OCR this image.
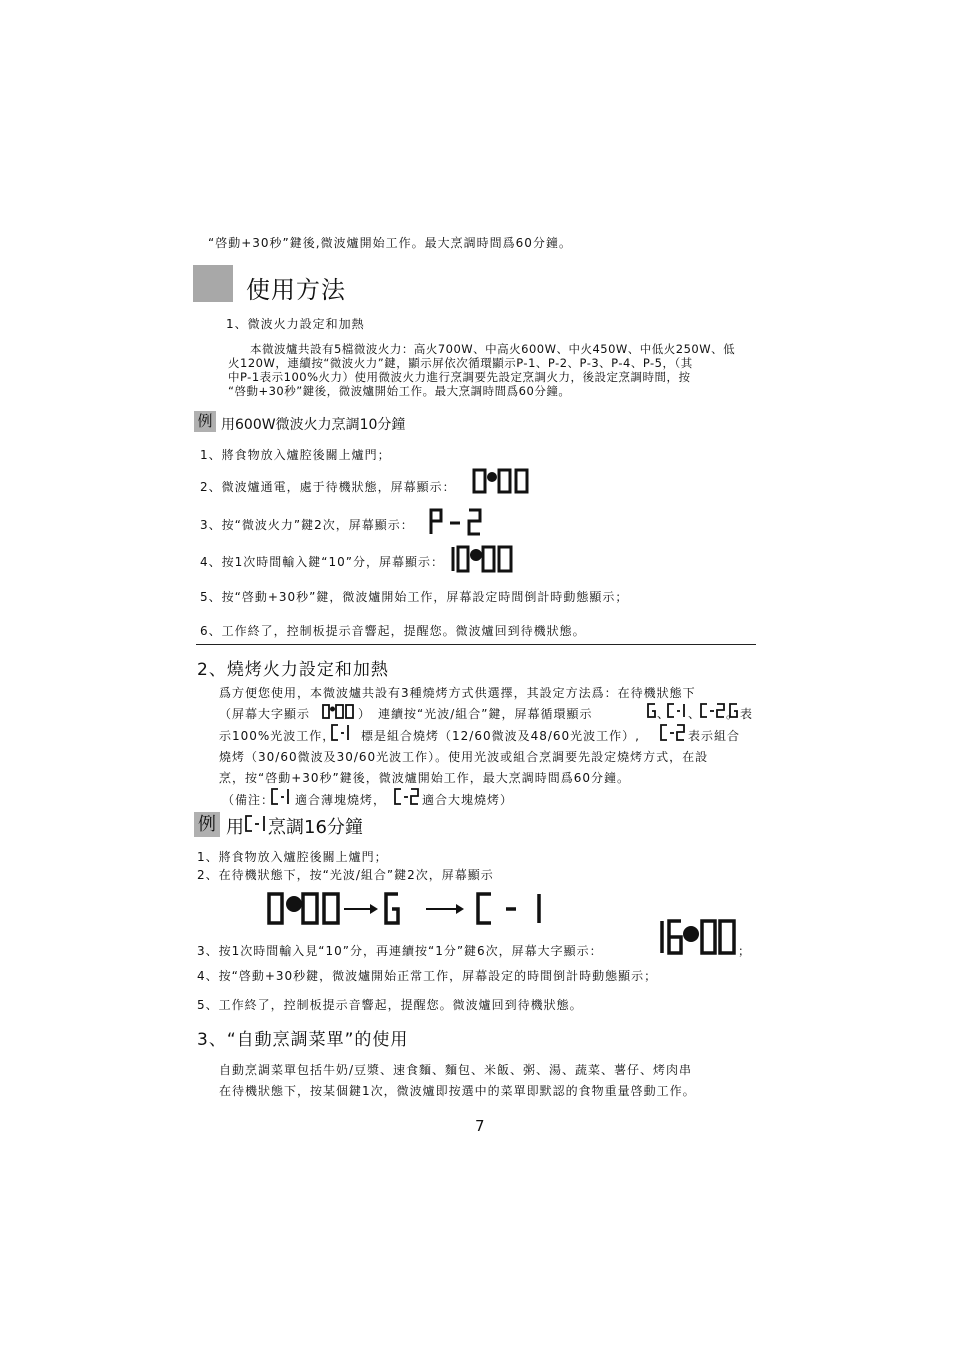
“啓動+30秒”鍵後,微波爐開始工作。最大烹調時間爲60分鐘。
使用方法
1、微波火力設定和加熱
本微波爐共設有5檔微波火力：高火700W、中高火600W、中火450W、中低火250W、低
火120W，連續按“微波火力”鍵，顯示屏依次循環顯示P-1、P-2、P-3、P-4、P-5，（其
中P-1表示100%火力）使用微波火力進行烹調要先設定烹調火力，後設定烹調時間，按
“啓動+30秒”鍵後，微波爐開始工作。最大烹調時間爲60分鐘。
例 用600W微波火力烹調10分鐘
1、將食物放入爐腔後關上爐門；
2、微波爐通電，處于待機狀態，屏幕顯示：
3、按“微波火力”鍵2次，屏幕顯示：
4、按1次時間輸入鍵“10”分，屏幕顯示：
5、按“啓動+30秒”鍵，微波爐開始工作，屏幕設定時間倒計時動態顯示；
6、工作終了，控制板提示音響起，提醒您。微波爐回到待機狀態。
2、燒烤火力設定和加熱
爲方便您使用，本微波爐共設有3種燒烤方式供選擇，其設定方法爲：在待機狀態下
（屏幕大字顯示	）　連續按“光波/組合”鍵，屏幕循環顯示	、 、 。 表
示100%光波工作， 標是組合燒烤（12/60微波及48/60光波工作）,	表示組合
燒烤（30/60微波及30/60光波工作）。使用光波或組合烹調要先設定燒烤方式，在設
烹，按“啓動+30秒”鍵後，微波爐開始工作，最大烹調時間爲60分鐘。
（備注： 適合薄塊燒烤，	適合大塊燒烤）
例 用 烹調16分鐘
1、將食物放入爐腔後關上爐門；
2、在待機狀態下，按“光波/組合”鍵2次，屏幕顯示
3、按1次時間輸入見“10”分，再連續按“1分”鍵6次，屏幕大字顯示：	；
4、按“啓動+30秒鍵，微波爐開始正常工作，屏幕設定的時間倒計時動態顯示；
5、工作終了，控制板提示音響起，提醒您。微波爐回到待機狀態。
3、“自動烹調菜單”的使用
自動烹調菜單包括牛奶/豆漿、速食麵、麵包、米飯、粥、湯、蔬菜、薯仔、烤肉串
在待機狀態下，按某個鍵1次，微波爐即按選中的菜單即默認的食物重量啓動工作。
7
